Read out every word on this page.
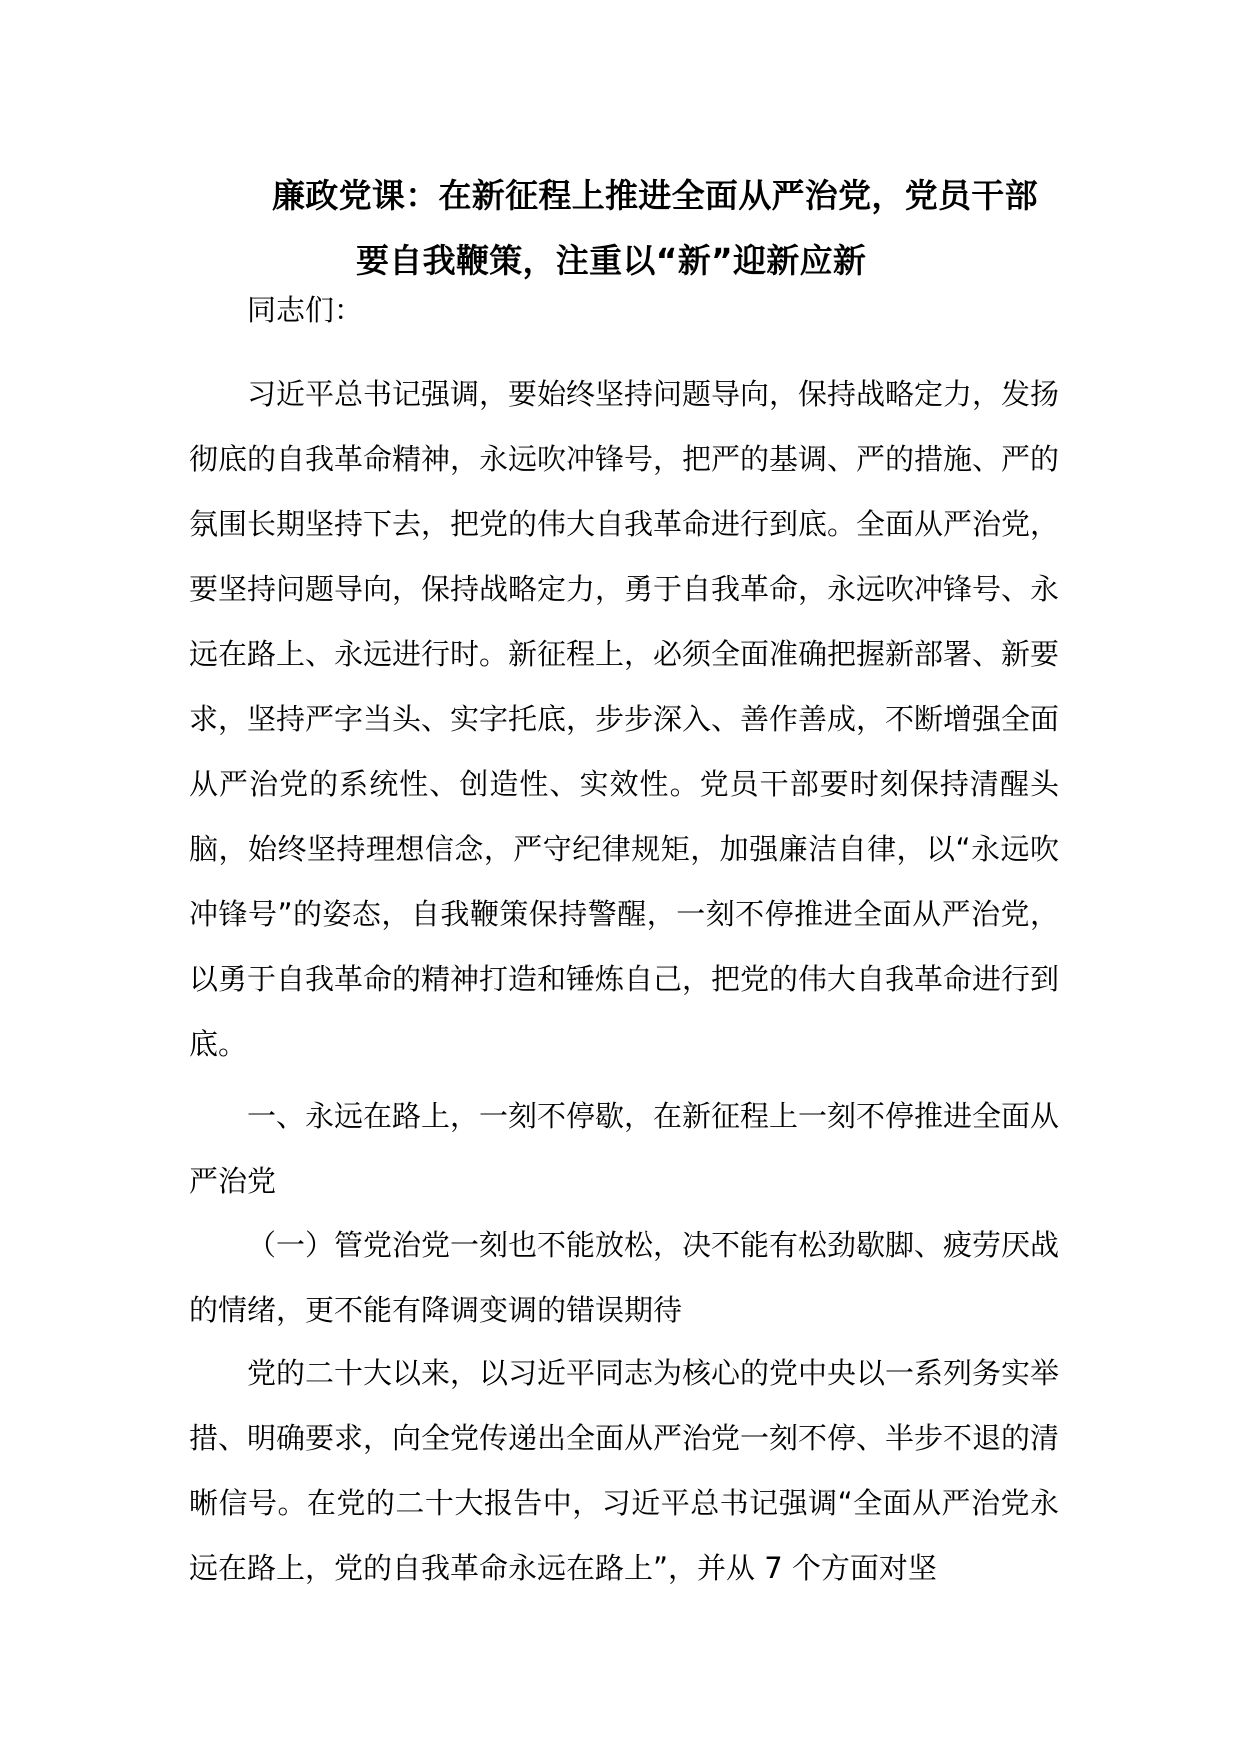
廉政党课：在新征程上推进全面从严治党，党员干部
要自我鞭策，注重以“新”迎新应新

同志们：

习近平总书记强调，要始终坚持问题导向，保持战略定力，发扬彻底的自我革命精神，永远吹冲锋号，把严的基调、严的措施、严的氛围长期坚持下去，把党的伟大自我革命进行到底。全面从严治党，要坚持问题导向，保持战略定力，勇于自我革命，永远吹冲锋号、永远在路上、永远进行时。新征程上，必须全面准确把握新部署、新要求，坚持严字当头、实字托底，步步深入、善作善成，不断增强全面从严治党的系统性、创造性、实效性。党员干部要时刻保持清醒头脑，始终坚持理想信念，严守纪律规矩，加强廉洁自律，以“永远吹冲锋号”的姿态，自我鞭策保持警醒，一刻不停推进全面从严治党，以勇于自我革命的精神打造和锤炼自己，把党的伟大自我革命进行到底。

一、永远在路上，一刻不停歇，在新征程上一刻不停推进全面从严治党

（一）管党治党一刻也不能放松，决不能有松劲歇脚、疲劳厌战的情绪，更不能有降调变调的错误期待

党的二十大以来，以习近平同志为核心的党中央以一系列务实举措、明确要求，向全党传递出全面从严治党一刻不停、半步不退的清晰信号。在党的二十大报告中，习近平总书记强调“全面从严治党永远在路上，党的自我革命永远在路上”，并从 7 个方面对坚
